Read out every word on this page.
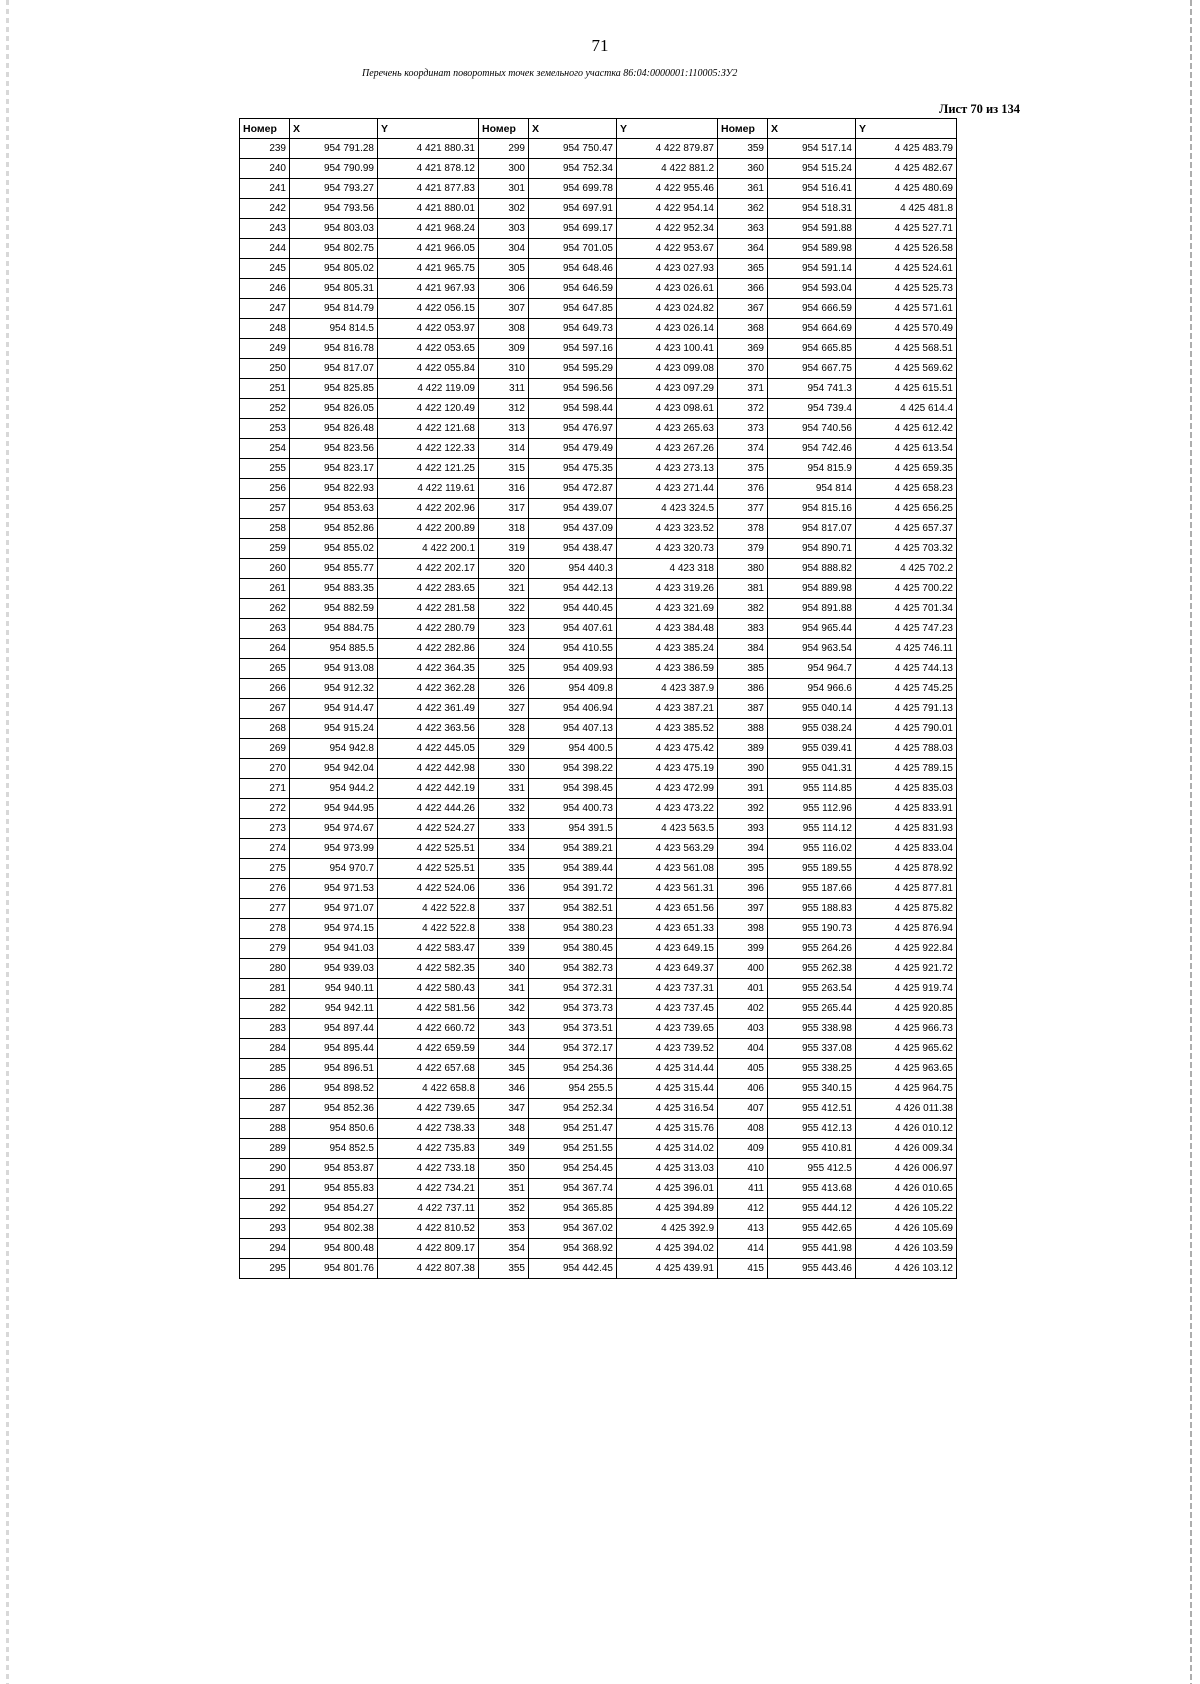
71
Перечень координат поворотных точек земельного участка 86:04:0000001:110005:ЗУ2
Лист 70 из 134
Номер	X	Y	Номер	X	Y	Номер	X	Y
239	954 791.28	4 421 880.31	299	954 750.47	4 422 879.87	359	954 517.14	4 425 483.79
240	954 790.99	4 421 878.12	300	954 752.34	4 422 881.2	360	954 515.24	4 425 482.67
241	954 793.27	4 421 877.83	301	954 699.78	4 422 955.46	361	954 516.41	4 425 480.69
242	954 793.56	4 421 880.01	302	954 697.91	4 422 954.14	362	954 518.31	4 425 481.8
243	954 803.03	4 421 968.24	303	954 699.17	4 422 952.34	363	954 591.88	4 425 527.71
244	954 802.75	4 421 966.05	304	954 701.05	4 422 953.67	364	954 589.98	4 425 526.58
245	954 805.02	4 421 965.75	305	954 648.46	4 423 027.93	365	954 591.14	4 425 524.61
246	954 805.31	4 421 967.93	306	954 646.59	4 423 026.61	366	954 593.04	4 425 525.73
247	954 814.79	4 422 056.15	307	954 647.85	4 423 024.82	367	954 666.59	4 425 571.61
248	954 814.5	4 422 053.97	308	954 649.73	4 423 026.14	368	954 664.69	4 425 570.49
249	954 816.78	4 422 053.65	309	954 597.16	4 423 100.41	369	954 665.85	4 425 568.51
250	954 817.07	4 422 055.84	310	954 595.29	4 423 099.08	370	954 667.75	4 425 569.62
251	954 825.85	4 422 119.09	311	954 596.56	4 423 097.29	371	954 741.3	4 425 615.51
252	954 826.05	4 422 120.49	312	954 598.44	4 423 098.61	372	954 739.4	4 425 614.4
253	954 826.48	4 422 121.68	313	954 476.97	4 423 265.63	373	954 740.56	4 425 612.42
254	954 823.56	4 422 122.33	314	954 479.49	4 423 267.26	374	954 742.46	4 425 613.54
255	954 823.17	4 422 121.25	315	954 475.35	4 423 273.13	375	954 815.9	4 425 659.35
256	954 822.93	4 422 119.61	316	954 472.87	4 423 271.44	376	954 814	4 425 658.23
257	954 853.63	4 422 202.96	317	954 439.07	4 423 324.5	377	954 815.16	4 425 656.25
258	954 852.86	4 422 200.89	318	954 437.09	4 423 323.52	378	954 817.07	4 425 657.37
259	954 855.02	4 422 200.1	319	954 438.47	4 423 320.73	379	954 890.71	4 425 703.32
260	954 855.77	4 422 202.17	320	954 440.3	4 423 318	380	954 888.82	4 425 702.2
261	954 883.35	4 422 283.65	321	954 442.13	4 423 319.26	381	954 889.98	4 425 700.22
262	954 882.59	4 422 281.58	322	954 440.45	4 423 321.69	382	954 891.88	4 425 701.34
263	954 884.75	4 422 280.79	323	954 407.61	4 423 384.48	383	954 965.44	4 425 747.23
264	954 885.5	4 422 282.86	324	954 410.55	4 423 385.24	384	954 963.54	4 425 746.11
265	954 913.08	4 422 364.35	325	954 409.93	4 423 386.59	385	954 964.7	4 425 744.13
266	954 912.32	4 422 362.28	326	954 409.8	4 423 387.9	386	954 966.6	4 425 745.25
267	954 914.47	4 422 361.49	327	954 406.94	4 423 387.21	387	955 040.14	4 425 791.13
268	954 915.24	4 422 363.56	328	954 407.13	4 423 385.52	388	955 038.24	4 425 790.01
269	954 942.8	4 422 445.05	329	954 400.5	4 423 475.42	389	955 039.41	4 425 788.03
270	954 942.04	4 422 442.98	330	954 398.22	4 423 475.19	390	955 041.31	4 425 789.15
271	954 944.2	4 422 442.19	331	954 398.45	4 423 472.99	391	955 114.85	4 425 835.03
272	954 944.95	4 422 444.26	332	954 400.73	4 423 473.22	392	955 112.96	4 425 833.91
273	954 974.67	4 422 524.27	333	954 391.5	4 423 563.5	393	955 114.12	4 425 831.93
274	954 973.99	4 422 525.51	334	954 389.21	4 423 563.29	394	955 116.02	4 425 833.04
275	954 970.7	4 422 525.51	335	954 389.44	4 423 561.08	395	955 189.55	4 425 878.92
276	954 971.53	4 422 524.06	336	954 391.72	4 423 561.31	396	955 187.66	4 425 877.81
277	954 971.07	4 422 522.8	337	954 382.51	4 423 651.56	397	955 188.83	4 425 875.82
278	954 974.15	4 422 522.8	338	954 380.23	4 423 651.33	398	955 190.73	4 425 876.94
279	954 941.03	4 422 583.47	339	954 380.45	4 423 649.15	399	955 264.26	4 425 922.84
280	954 939.03	4 422 582.35	340	954 382.73	4 423 649.37	400	955 262.38	4 425 921.72
281	954 940.11	4 422 580.43	341	954 372.31	4 423 737.31	401	955 263.54	4 425 919.74
282	954 942.11	4 422 581.56	342	954 373.73	4 423 737.45	402	955 265.44	4 425 920.85
283	954 897.44	4 422 660.72	343	954 373.51	4 423 739.65	403	955 338.98	4 425 966.73
284	954 895.44	4 422 659.59	344	954 372.17	4 423 739.52	404	955 337.08	4 425 965.62
285	954 896.51	4 422 657.68	345	954 254.36	4 425 314.44	405	955 338.25	4 425 963.65
286	954 898.52	4 422 658.8	346	954 255.5	4 425 315.44	406	955 340.15	4 425 964.75
287	954 852.36	4 422 739.65	347	954 252.34	4 425 316.54	407	955 412.51	4 426 011.38
288	954 850.6	4 422 738.33	348	954 251.47	4 425 315.76	408	955 412.13	4 426 010.12
289	954 852.5	4 422 735.83	349	954 251.55	4 425 314.02	409	955 410.81	4 426 009.34
290	954 853.87	4 422 733.18	350	954 254.45	4 425 313.03	410	955 412.5	4 426 006.97
291	954 855.83	4 422 734.21	351	954 367.74	4 425 396.01	411	955 413.68	4 426 010.65
292	954 854.27	4 422 737.11	352	954 365.85	4 425 394.89	412	955 444.12	4 426 105.22
293	954 802.38	4 422 810.52	353	954 367.02	4 425 392.9	413	955 442.65	4 426 105.69
294	954 800.48	4 422 809.17	354	954 368.92	4 425 394.02	414	955 441.98	4 426 103.59
295	954 801.76	4 422 807.38	355	954 442.45	4 425 439.91	415	955 443.46	4 426 103.12
